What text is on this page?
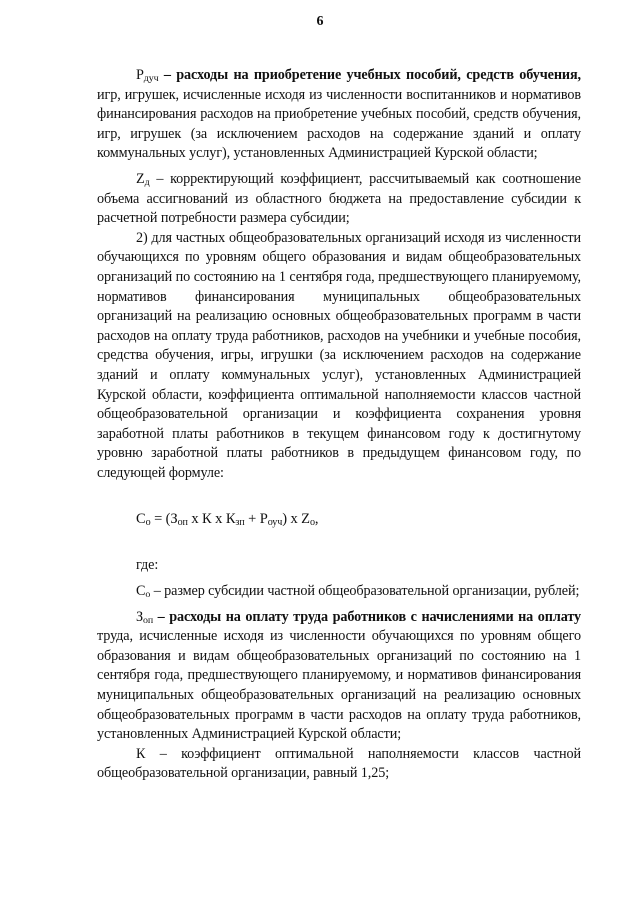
6

$Р_{дуч}$ – расходы на приобретение учебных пособий, средств обучения, игр, игрушек, исчисленные исходя из численности воспитанников и нормативов финансирования расходов на приобретение учебных пособий, средств обучения, игр, игрушек (за исключением расходов на содержание зданий и оплату коммунальных услуг), установленных Администрацией Курской области;

$Z_д$ – корректирующий коэффициент, рассчитываемый как соотношение объема ассигнований из областного бюджета на предоставление субсидии к расчетной потребности размера субсидии;

2) для частных общеобразовательных организаций исходя из численности обучающихся по уровням общего образования и видам общеобразовательных организаций по состоянию на 1 сентября года, предшествующего планируемому, нормативов финансирования муниципальных общеобразовательных организаций на реализацию основных общеобразовательных программ в части расходов на оплату труда работников, расходов на учебники и учебные пособия, средства обучения, игры, игрушки (за исключением расходов на содержание зданий и оплату коммунальных услуг), установленных Администрацией Курской области, коэффициента оптимальной наполняемости классов частной общеобразовательной организации и коэффициента сохранения уровня заработной платы работников в текущем финансовом году к достигнутому уровню заработной платы работников в предыдущем финансовом году, по следующей формуле:

$С_о = (З_{оп}$ х К х $К_{зп} + Р_{оуч}$) х $Z_о$,

где:

$С_о$ – размер субсидии частной общеобразовательной организации, рублей;

$З_{оп}$ – расходы на оплату труда работников с начислениями на оплату труда, исчисленные исходя из численности обучающихся по уровням общего образования и видам общеобразовательных организаций по состоянию на 1 сентября года, предшествующего планируемому, и нормативов финансирования муниципальных общеобразовательных организаций на реализацию основных общеобразовательных программ в части расходов на оплату труда работников, установленных Администрацией Курской области;

К – коэффициент оптимальной наполняемости классов частной общеобразовательной организации, равный 1,25;
